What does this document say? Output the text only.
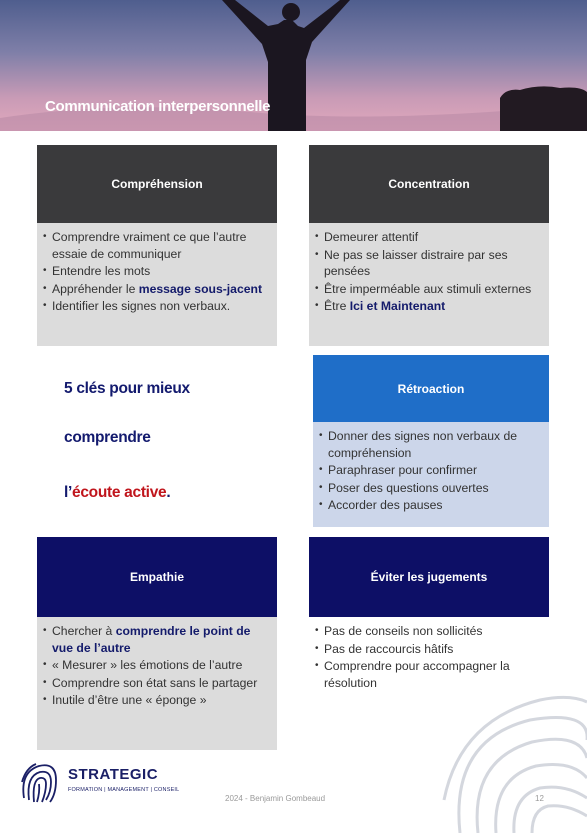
Communication interpersonnelle
Compréhension
• Comprendre vraiment ce que l’autre essaie de communiquer
• Entendre les mots
• Appréhender le message sous-jacent
• Identifier les signes non verbaux.
Concentration
• Demeurer attentif
• Ne pas se laisser distraire par ses pensées
• Être imperméable aux stimuli externes
• Être Ici et Maintenant
5 clés pour mieux
comprendre
l’écoute active.
Rétroaction
• Donner des signes non verbaux de compréhension
• Paraphraser pour confirmer
• Poser des questions ouvertes
• Accorder des pauses
Empathie
• Chercher à comprendre le point de vue de l’autre
• « Mesurer » les émotions de l’autre
• Comprendre son état sans le partager
• Inutile d’être une « éponge »
Éviter les jugements
• Pas de conseils non sollicités
• Pas de raccourcis hâtifs
• Comprendre pour accompagner la résolution
STRATEGIC
FORMATION | MANAGEMENT | CONSEIL
2024 - Benjamin Gombeaud	12
